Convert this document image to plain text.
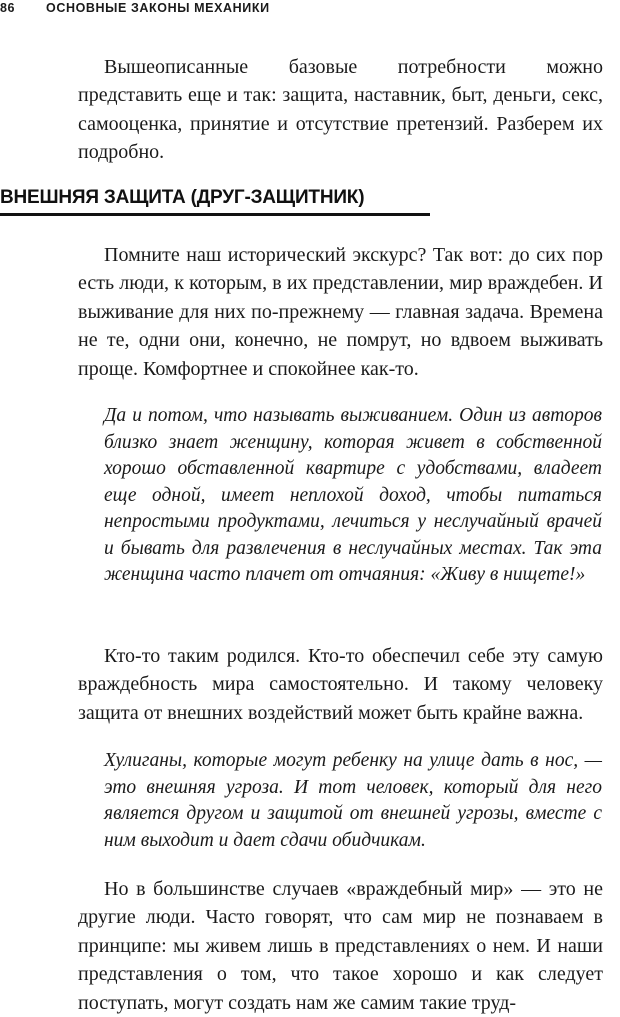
86 ОСНОВНЫЕ ЗАКОНЫ МЕХАНИКИ

Вышеописанные базовые потребности можно представить еще и так: защита, наставник, быт, деньги, секс, самооценка, принятие и отсутствие претензий. Разберем их подробно.

ВНЕШНЯЯ ЗАЩИТА (ДРУГ-ЗАЩИТНИК)

Помните наш исторический экскурс? Так вот: до сих пор есть люди, к которым, в их представлении, мир враждебен. И выживание для них по-прежнему — главная задача. Времена не те, одни они, конечно, не помрут, но вдвоем выживать проще. Комфортнее и спокойнее как-то.

Да и потом, что называть выживанием. Один из авторов близко знает женщину, которая живет в собственной хорошо обставленной квартире с удобствами, владеет еще одной, имеет неплохой доход, чтобы питаться непростыми продуктами, лечиться у неслучайный врачей и бывать для развлечения в неслучайных местах. Так эта женщина часто плачет от отчаяния: «Живу в нищете!»

Кто-то таким родился. Кто-то обеспечил себе эту самую враждебность мира самостоятельно. И такому человеку защита от внешних воздействий может быть крайне важна.

Хулиганы, которые могут ребенку на улице дать в нос, — это внешняя угроза. И тот человек, который для него является другом и защитой от внешней угрозы, вместе с ним выходит и дает сдачи обидчикам.

Но в большинстве случаев «враждебный мир» — это не другие люди. Часто говорят, что сам мир не познаваем в принципе: мы живем лишь в представлениях о нем. И наши представления о том, что такое хорошо и как следует поступать, могут создать нам же самим такие труд-
